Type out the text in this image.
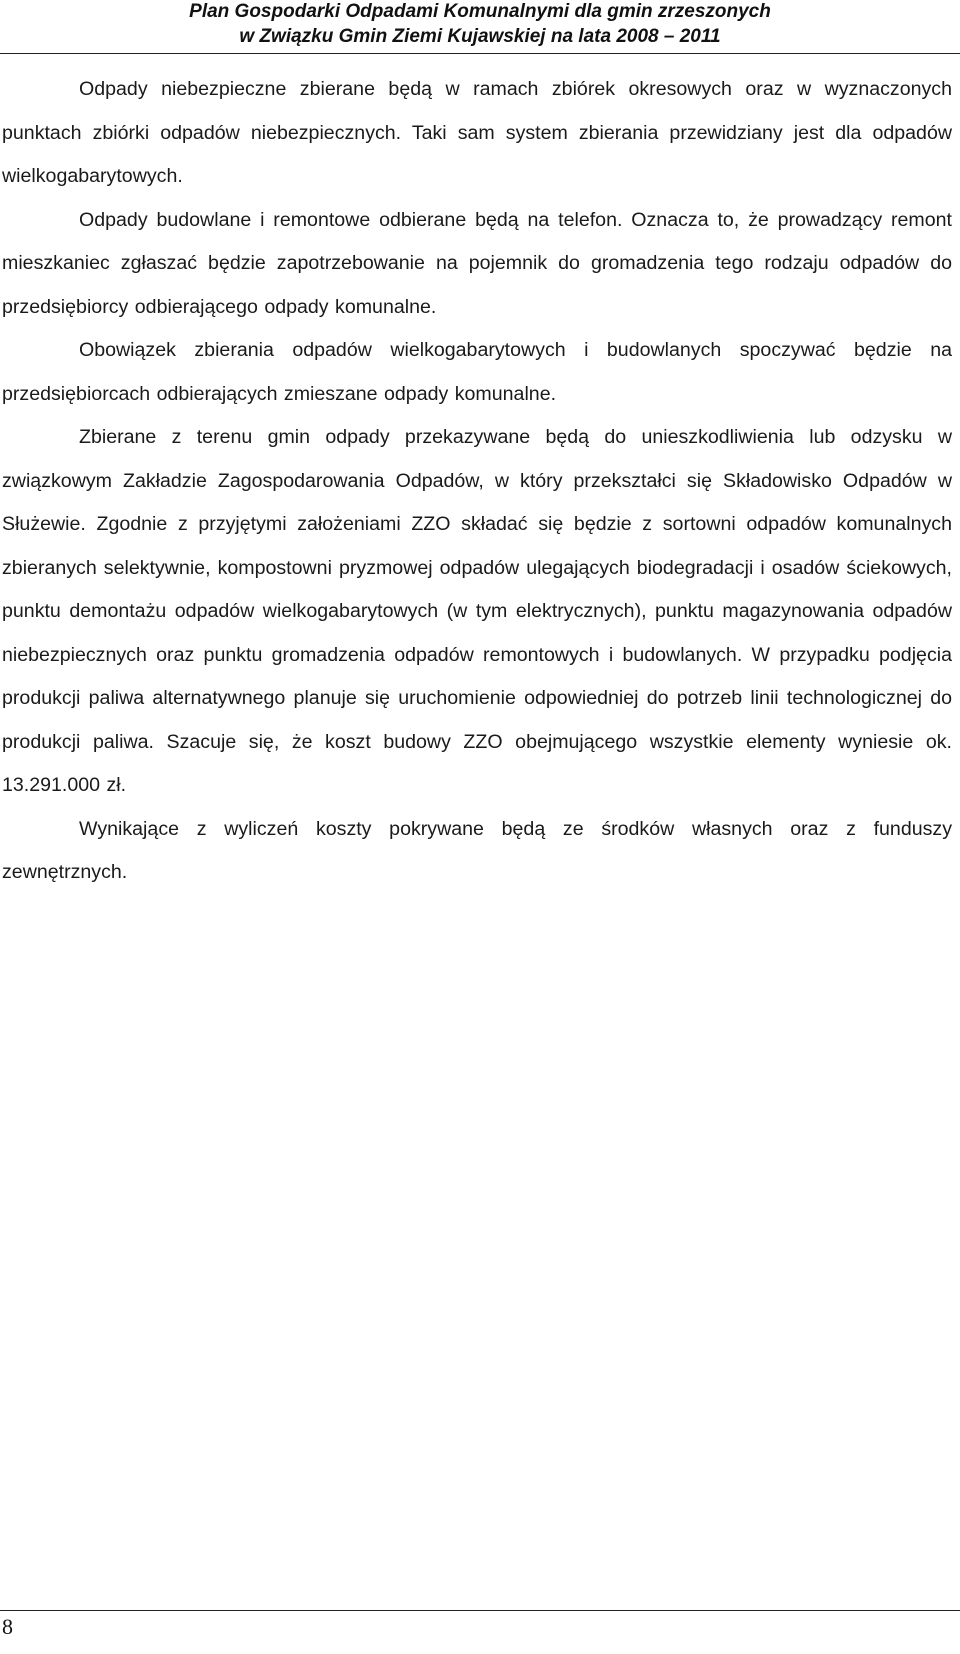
Plan Gospodarki Odpadami Komunalnymi dla gmin zrzeszonych
w Związku Gmin Ziemi Kujawskiej na lata 2008 – 2011

Odpady niebezpieczne zbierane będą w ramach zbiórek okresowych oraz w wyznaczonych punktach zbiórki odpadów niebezpiecznych. Taki sam system zbierania przewidziany jest dla odpadów wielkogabarytowych.

Odpady budowlane i remontowe odbierane będą na telefon. Oznacza to, że prowadzący remont mieszkaniec zgłaszać będzie zapotrzebowanie na pojemnik do gromadzenia tego rodzaju odpadów do przedsiębiorcy odbierającego odpady komunalne.

Obowiązek zbierania odpadów wielkogabarytowych i budowlanych spoczywać będzie na przedsiębiorcach odbierających zmieszane odpady komunalne.

Zbierane z terenu gmin odpady przekazywane będą do unieszkodliwienia lub odzysku w związkowym Zakładzie Zagospodarowania Odpadów, w który przekształci się Składowisko Odpadów w Służewie. Zgodnie z przyjętymi założeniami ZZO składać się będzie z sortowni odpadów komunalnych zbieranych selektywnie, kompostowni pryzmowej odpadów ulegających biodegradacji i osadów ściekowych, punktu demontażu odpadów wielkogabarytowych (w tym elektrycznych), punktu magazynowania odpadów niebezpiecznych oraz punktu gromadzenia odpadów remontowych i budowlanych. W przypadku podjęcia produkcji paliwa alternatywnego planuje się uruchomienie odpowiedniej do potrzeb linii technologicznej do produkcji paliwa. Szacuje się, że koszt budowy ZZO obejmującego wszystkie elementy wyniesie ok. 13.291.000 zł.

Wynikające z wyliczeń koszty pokrywane będą ze środków własnych oraz z funduszy zewnętrznych.

8
